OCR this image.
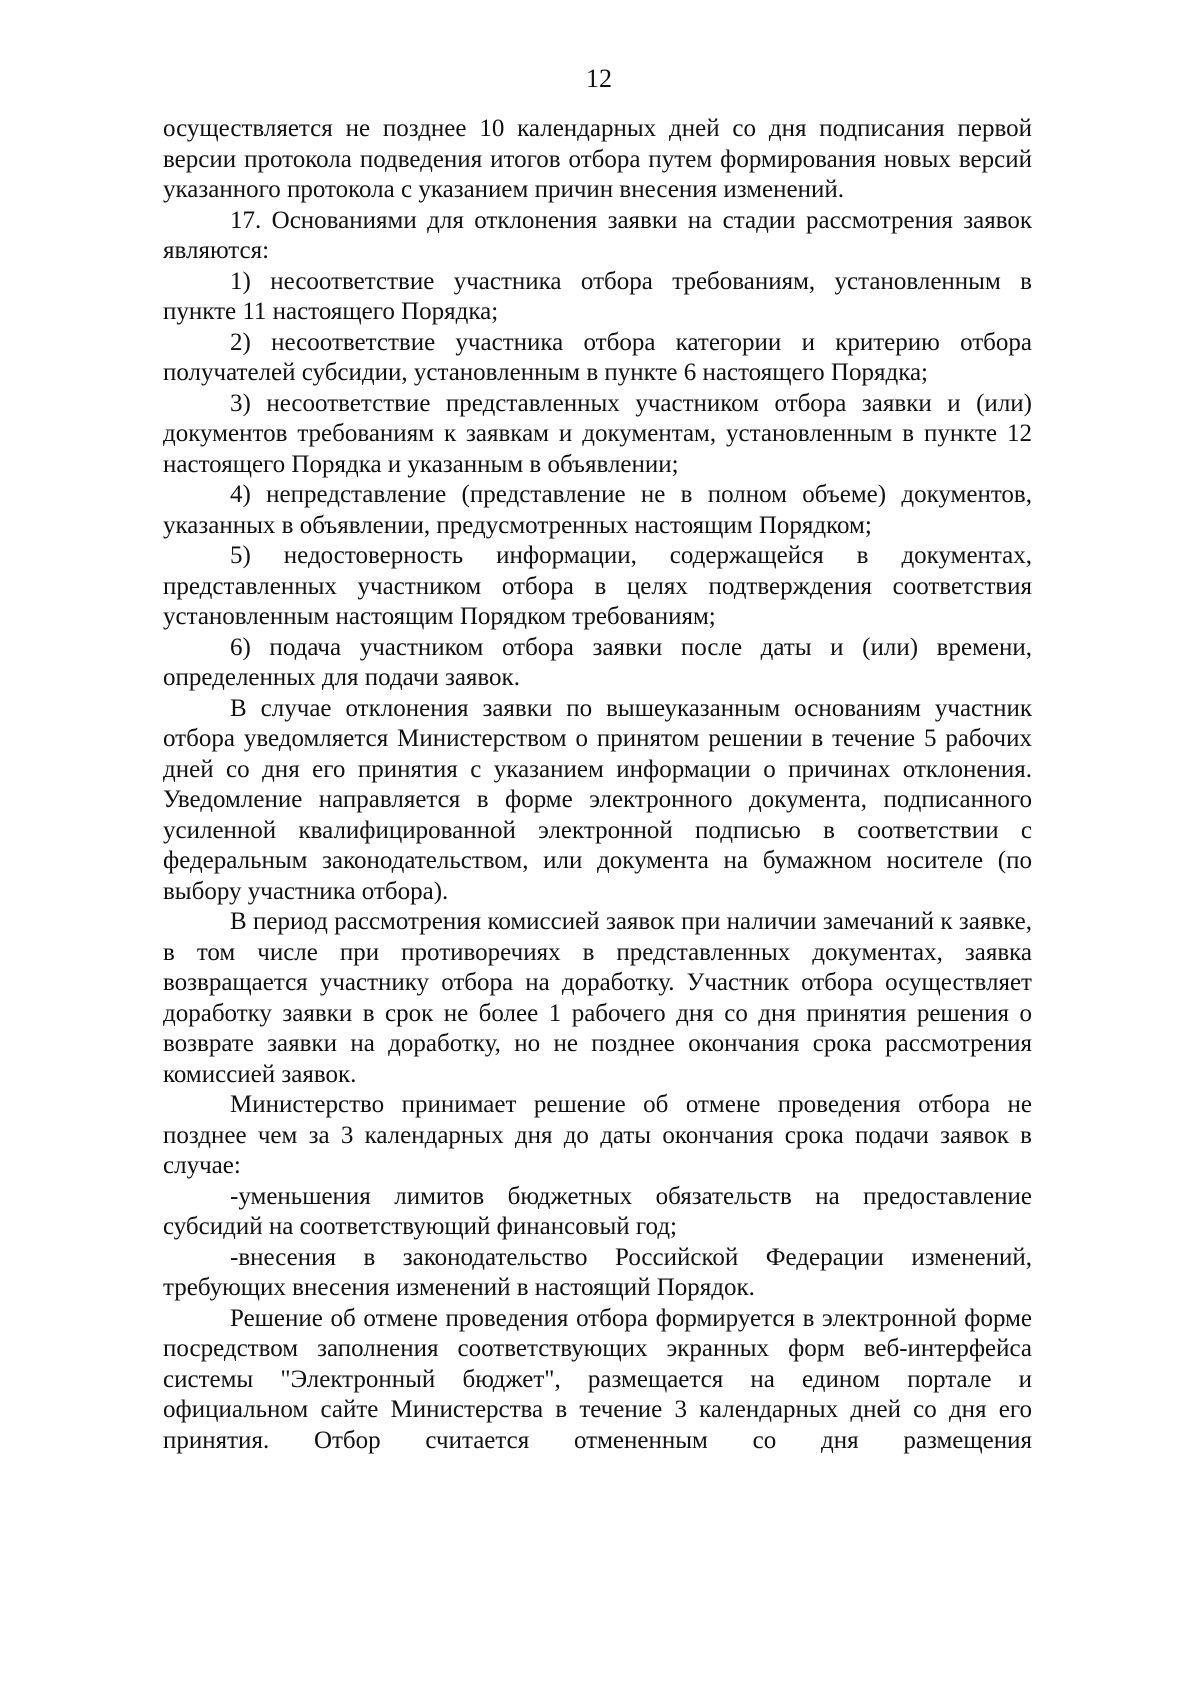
12

осуществляется не позднее 10 календарных дней со дня подписания первой версии протокола подведения итогов отбора путем формирования новых версий указанного протокола с указанием причин внесения изменений.

17. Основаниями для отклонения заявки на стадии рассмотрения заявок являются:

1) несоответствие участника отбора требованиям, установленным в пункте 11 настоящего Порядка;

2) несоответствие участника отбора категории и критерию отбора получателей субсидии, установленным в пункте 6 настоящего Порядка;

3) несоответствие представленных участником отбора заявки и (или) документов требованиям к заявкам и документам, установленным в пункте 12 настоящего Порядка и указанным в объявлении;

4) непредставление (представление не в полном объеме) документов, указанных в объявлении, предусмотренных настоящим Порядком;

5) недостоверность информации, содержащейся в документах, представленных участником отбора в целях подтверждения соответствия установленным настоящим Порядком требованиям;

6) подача участником отбора заявки после даты и (или) времени, определенных для подачи заявок.

В случае отклонения заявки по вышеуказанным основаниям участник отбора уведомляется Министерством о принятом решении в течение 5 рабочих дней со дня его принятия с указанием информации о причинах отклонения. Уведомление направляется в форме электронного документа, подписанного усиленной квалифицированной электронной подписью в соответствии с федеральным законодательством, или документа на бумажном носителе (по выбору участника отбора).

В период рассмотрения комиссией заявок при наличии замечаний к заявке, в том числе при противоречиях в представленных документах, заявка возвращается участнику отбора на доработку. Участник отбора осуществляет доработку заявки в срок не более 1 рабочего дня со дня принятия решения о возврате заявки на доработку, но не позднее окончания срока рассмотрения комиссией заявок.

Министерство принимает решение об отмене проведения отбора не позднее чем за 3 календарных дня до даты окончания срока подачи заявок в случае:

-уменьшения лимитов бюджетных обязательств на предоставление субсидий на соответствующий финансовый год;

-внесения в законодательство Российской Федерации изменений, требующих внесения изменений в настоящий Порядок.

Решение об отмене проведения отбора формируется в электронной форме посредством заполнения соответствующих экранных форм веб-интерфейса системы "Электронный бюджет", размещается на едином портале и официальном сайте Министерства в течение 3 календарных дней со дня его принятия. Отбор считается отмененным со дня размещения
